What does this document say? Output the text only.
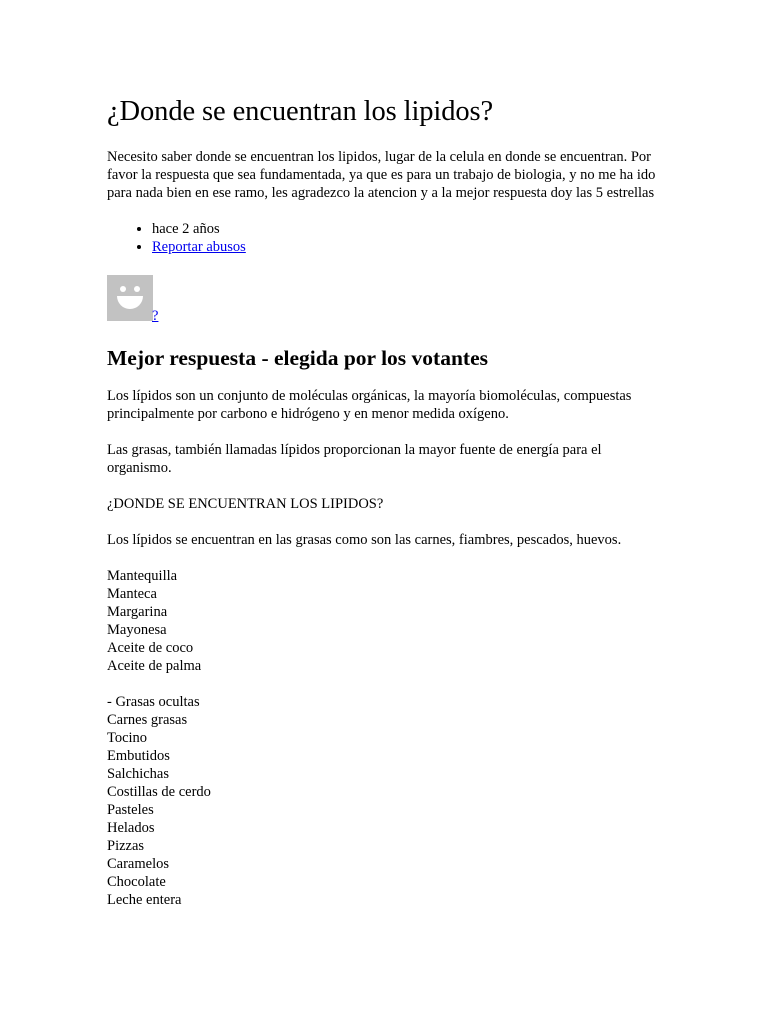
¿Donde se encuentran los lipidos?

Necesito saber donde se encuentran los lipidos, lugar de la celula en donde se encuentran. Por favor la respuesta que sea fundamentada, ya que es para un trabajo de biologia, y no me ha ido para nada bien en ese ramo, les agradezco la atencion y a la mejor respuesta doy las 5 estrellas

• hace 2 años
• Reportar abusos
?
Mejor respuesta - elegida por los votantes

Los lípidos son un conjunto de moléculas orgánicas, la mayoría biomoléculas, compuestas principalmente por carbono e hidrógeno y en menor medida oxígeno.

Las grasas, también llamadas lípidos proporcionan la mayor fuente de energía para el organismo.

¿DONDE SE ENCUENTRAN LOS LIPIDOS?

Los lípidos se encuentran en las grasas como son las carnes, fiambres, pescados, huevos.

Mantequilla
Manteca
Margarina
Mayonesa
Aceite de coco
Aceite de palma
- Grasas ocultas
Carnes grasas
Tocino
Embutidos
Salchichas
Costillas de cerdo
Pasteles
Helados
Pizzas
Caramelos
Chocolate
Leche entera
